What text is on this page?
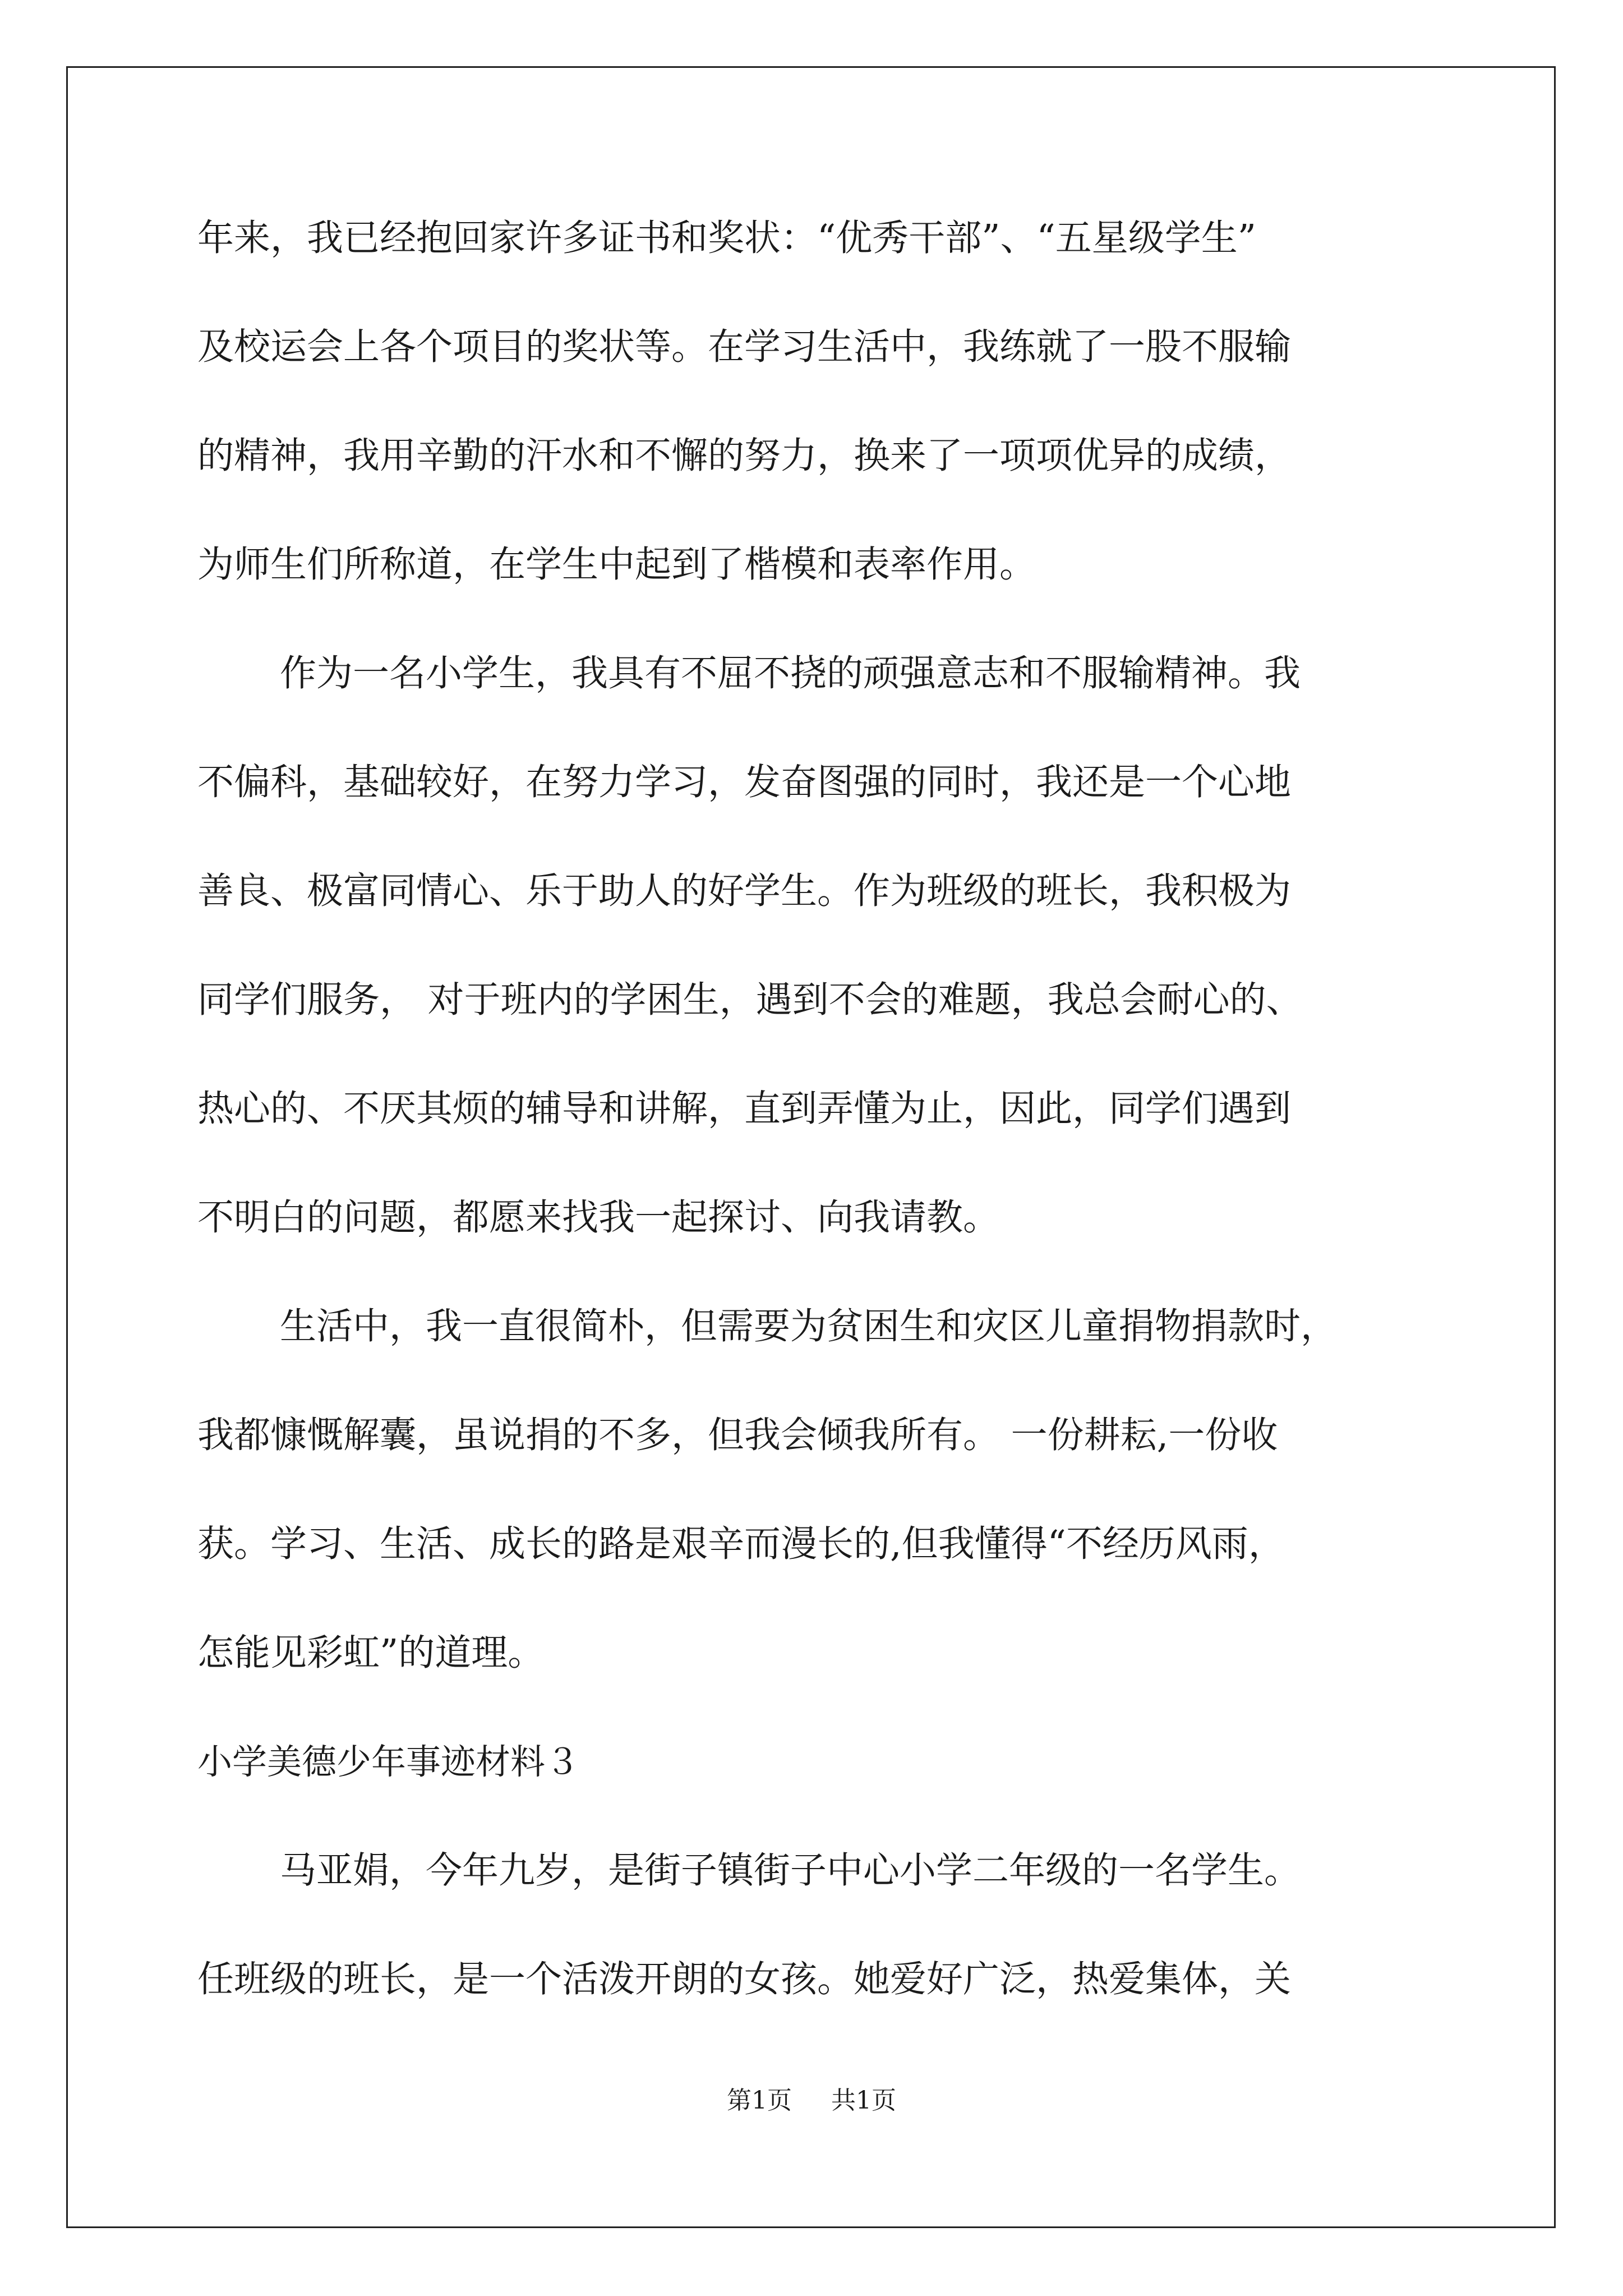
年来，我已经抱回家许多证书和奖状：“优秀干部”、“五星级学生”
及校运会上各个项目的奖状等。在学习生活中，我练就了一股不服输
的精神，我用辛勤的汗水和不懈的努力，换来了一项项优异的成绩，
为师生们所称道，在学生中起到了楷模和表率作用。
作为一名小学生，我具有不屈不挠的顽强意志和不服输精神。我
不偏科，基础较好，在努力学习，发奋图强的同时，我还是一个心地
善良、极富同情心、乐于助人的好学生。作为班级的班长，我积极为
同学们服务， 对于班内的学困生，遇到不会的难题，我总会耐心的、
热心的、不厌其烦的辅导和讲解，直到弄懂为止，因此，同学们遇到
不明白的问题，都愿来找我一起探讨、向我请教。
生活中，我一直很简朴，但需要为贫困生和灾区儿童捐物捐款时，
我都慷慨解囊，虽说捐的不多，但我会倾我所有。 一份耕耘,一份收
获。学习、生活、成长的路是艰辛而漫长的,但我懂得“不经历风雨，
怎能见彩虹”的道理。
小学美德少年事迹材料３
马亚娟，今年九岁，是街子镇街子中心小学二年级的一名学生。
任班级的班长，是一个活泼开朗的女孩。她爱好广泛，热爱集体，关
第1页 共1页
